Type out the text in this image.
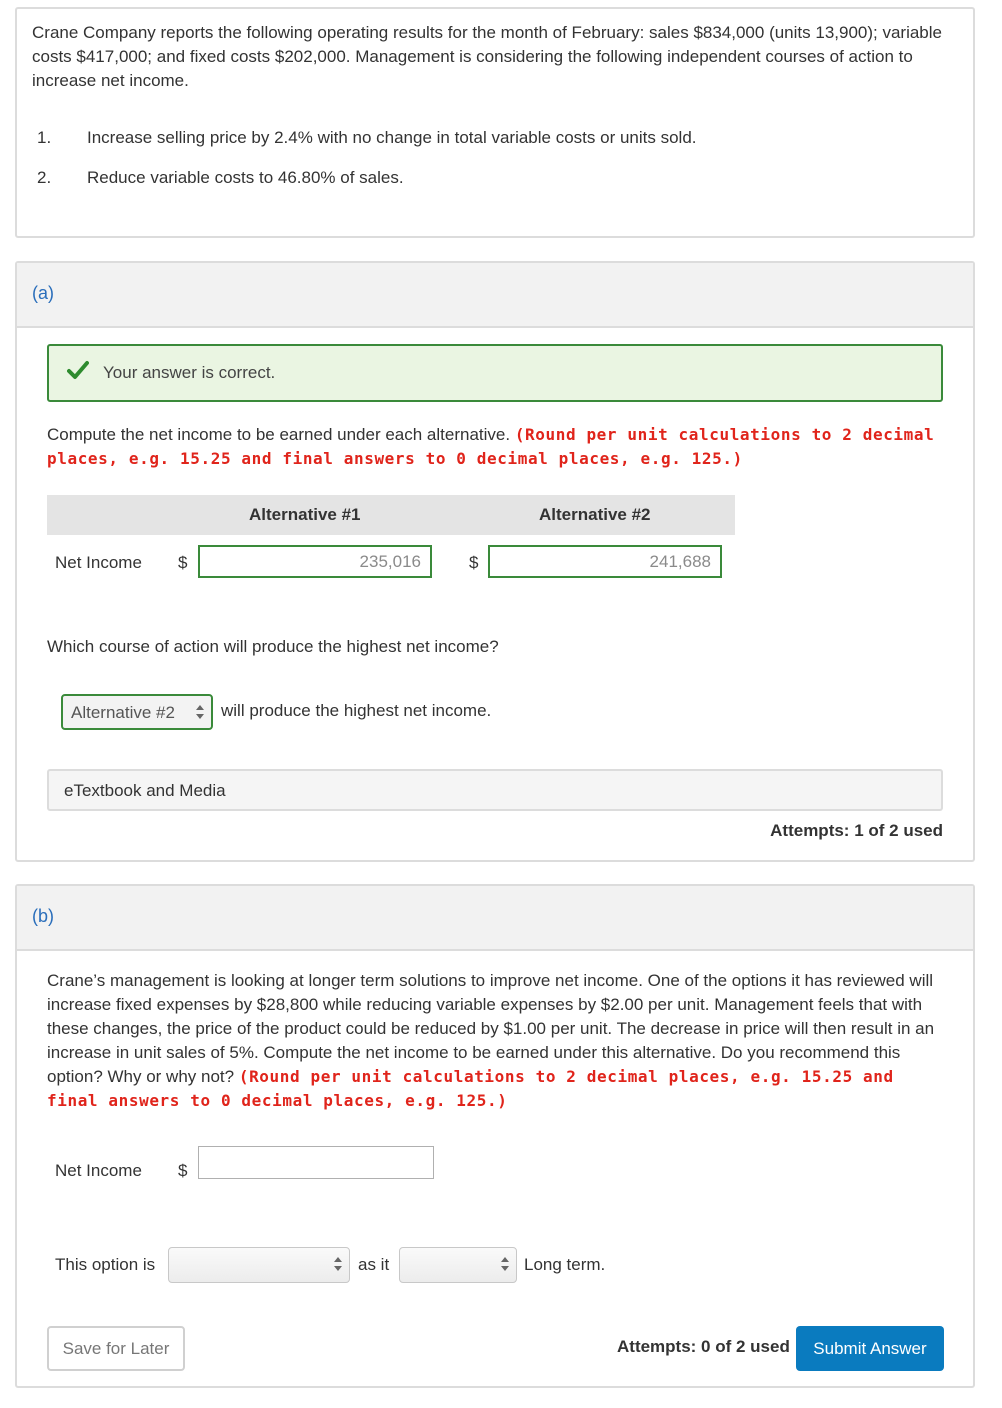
Crane Company reports the following operating results for the month of February: sales $834,000 (units 13,900); variable costs $417,000; and fixed costs $202,000. Management is considering the following independent courses of action to increase net income.
1.	Increase selling price by 2.4% with no change in total variable costs or units sold.
2.	Reduce variable costs to 46.80% of sales.
(a)
Your answer is correct.
Compute the net income to be earned under each alternative. (Round per unit calculations to 2 decimal places, e.g. 15.25 and final answers to 0 decimal places, e.g. 125.)
Alternative #1	Alternative #2
Net Income $	235,016	$	241,688
Which course of action will produce the highest net income?
Alternative #2	will produce the highest net income.
eTextbook and Media
Attempts: 1 of 2 used
(b)
Crane’s management is looking at longer term solutions to improve net income. One of the options it has reviewed will increase fixed expenses by $28,800 while reducing variable expenses by $2.00 per unit. Management feels that with these changes, the price of the product could be reduced by $1.00 per unit. The decrease in price will then result in an increase in unit sales of 5%. Compute the net income to be earned under this alternative. Do you recommend this option? Why or why not? (Round per unit calculations to 2 decimal places, e.g. 15.25 and final answers to 0 decimal places, e.g. 125.)
Net Income $
This option is	as it	Long term.
Save for Later	Attempts: 0 of 2 used	Submit Answer
